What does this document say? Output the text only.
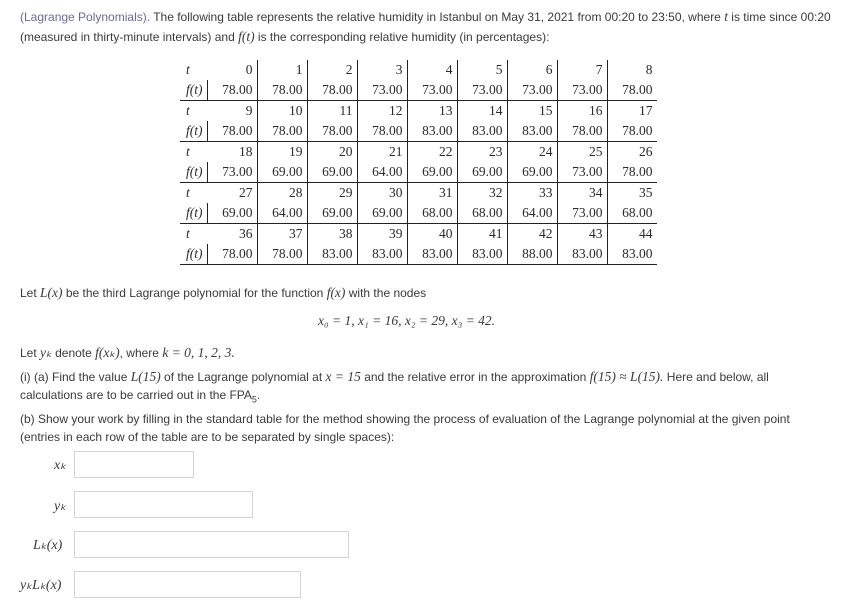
(Lagrange Polynomials). The following table represents the relative humidity in Istanbul on May 31, 2021 from 00:20 to 23:50, where t is time since 00:20
(measured in thirty-minute intervals) and f(t) is the corresponding relative humidity (in percentages):
t	0	1	2	3	4	5	6	7	8
f(t)	78.00	78.00	78.00	73.00	73.00	73.00	73.00	73.00	78.00
t	9	10	11	12	13	14	15	16	17
f(t)	78.00	78.00	78.00	78.00	83.00	83.00	83.00	78.00	78.00
t	18	19	20	21	22	23	24	25	26
f(t)	73.00	69.00	69.00	64.00	69.00	69.00	69.00	73.00	78.00
t	27	28	29	30	31	32	33	34	35
f(t)	69.00	64.00	69.00	69.00	68.00	68.00	64.00	73.00	68.00
t	36	37	38	39	40	41	42	43	44
f(t)	78.00	78.00	83.00	83.00	83.00	83.00	88.00	83.00	83.00
Let L(x) be the third Lagrange polynomial for the function f(x) with the nodes
x₀ = 1, x₁ = 16, x₂ = 29, x₃ = 42.
Let yₖ denote f(xₖ), where k = 0, 1, 2, 3.
(i) (a) Find the value L(15) of the Lagrange polynomial at x = 15 and the relative error in the approximation f(15) ≈ L(15). Here and below, all
calculations are to be carried out in the $FPA_5$.
(b) Show your work by filling in the standard table for the method showing the process of evaluation of the Lagrange polynomial at the given point
(entries in each row of the table are to be separated by single spaces):
xₖ
yₖ
Lₖ(x)
yₖLₖ(x)
